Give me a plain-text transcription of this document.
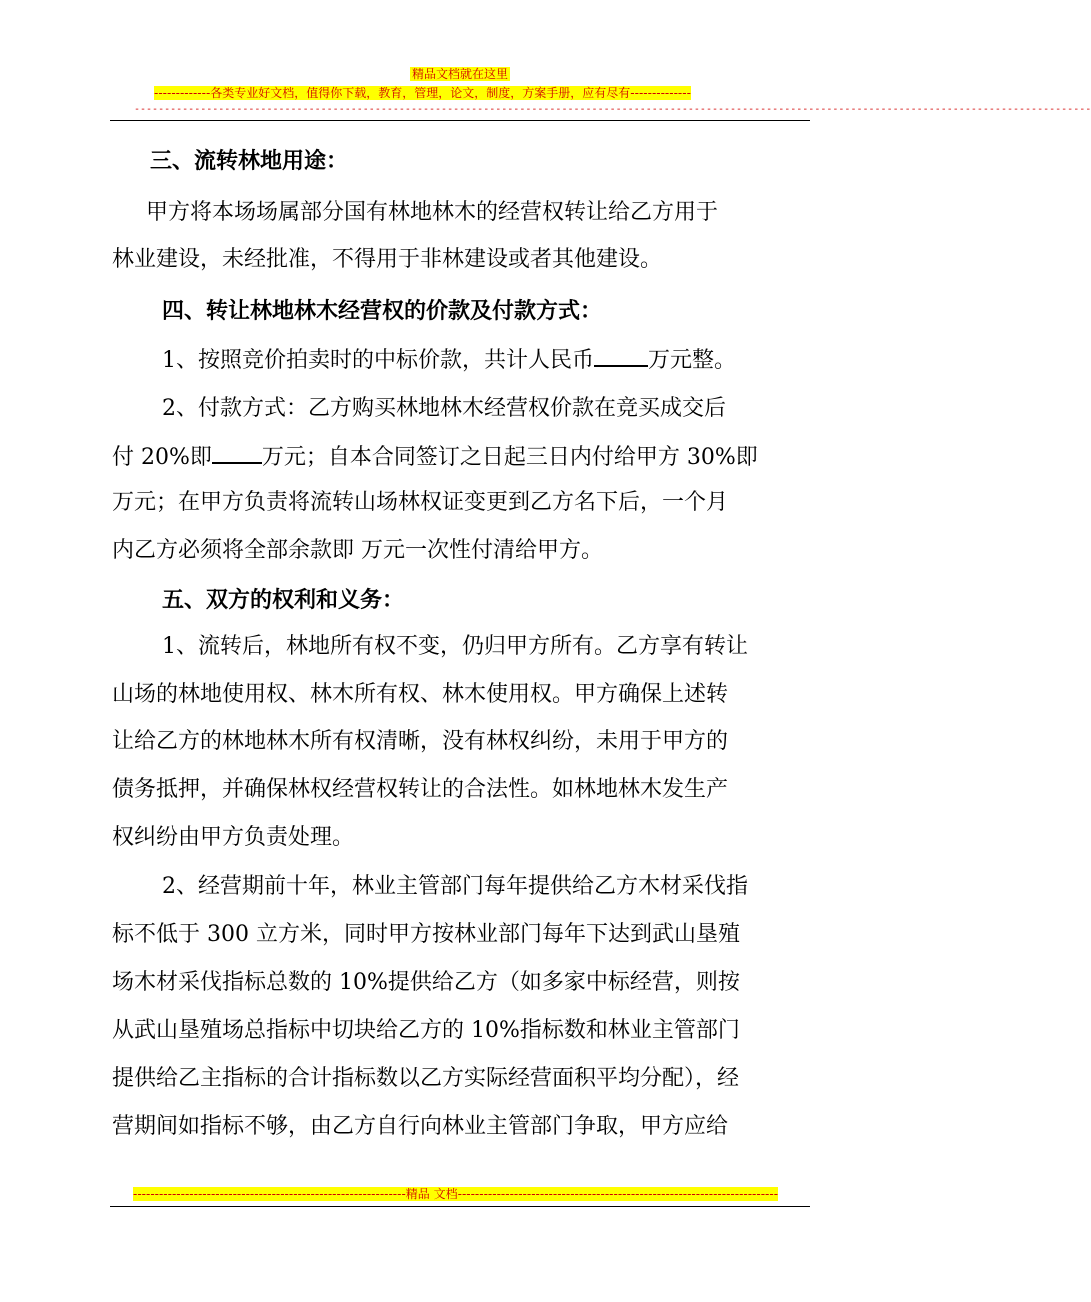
精品文档就在这里
-------------各类专业好文档，值得你下载，教育，管理，论文，制度，方案手册，应有尽有--------------
---------------------------------------------------------------------------------------------------------------------------------------------------------------
三、流转林地用途：
甲方将本场场属部分国有林地林木的经营权转让给乙方用于
林业建设，未经批准，不得用于非林建设或者其他建设。
四、转让林地林木经营权的价款及付款方式：
1、按照竞价拍卖时的中标价款，共计人民币 万元整。
2、付款方式：乙方购买林地林木经营权价款在竞买成交后
付 20%即 万元；自本合同签订之日起三日内付给甲方 30%即
万元；在甲方负责将流转山场林权证变更到乙方名下后，一个月
内乙方必须将全部余款即 万元一次性付清给甲方。
五、双方的权利和义务：
1、流转后，林地所有权不变，仍归甲方所有。乙方享有转让
山场的林地使用权、林木所有权、林木使用权。甲方确保上述转
让给乙方的林地林木所有权清晰，没有林权纠纷，未用于甲方的
债务抵押，并确保林权经营权转让的合法性。如林地林木发生产
权纠纷由甲方负责处理。
2、经营期前十年，林业主管部门每年提供给乙方木材采伐指
标不低于 300 立方米，同时甲方按林业部门每年下达到武山垦殖
场木材采伐指标总数的 10%提供给乙方（如多家中标经营，则按
从武山垦殖场总指标中切块给乙方的 10%指标数和林业主管部门
提供给乙主指标的合计指标数以乙方实际经营面积平均分配），经
营期间如指标不够，由乙方自行向林业主管部门争取，甲方应给
---------------------------------------------------------------精品 文档--------------------------------------------------------------------------
